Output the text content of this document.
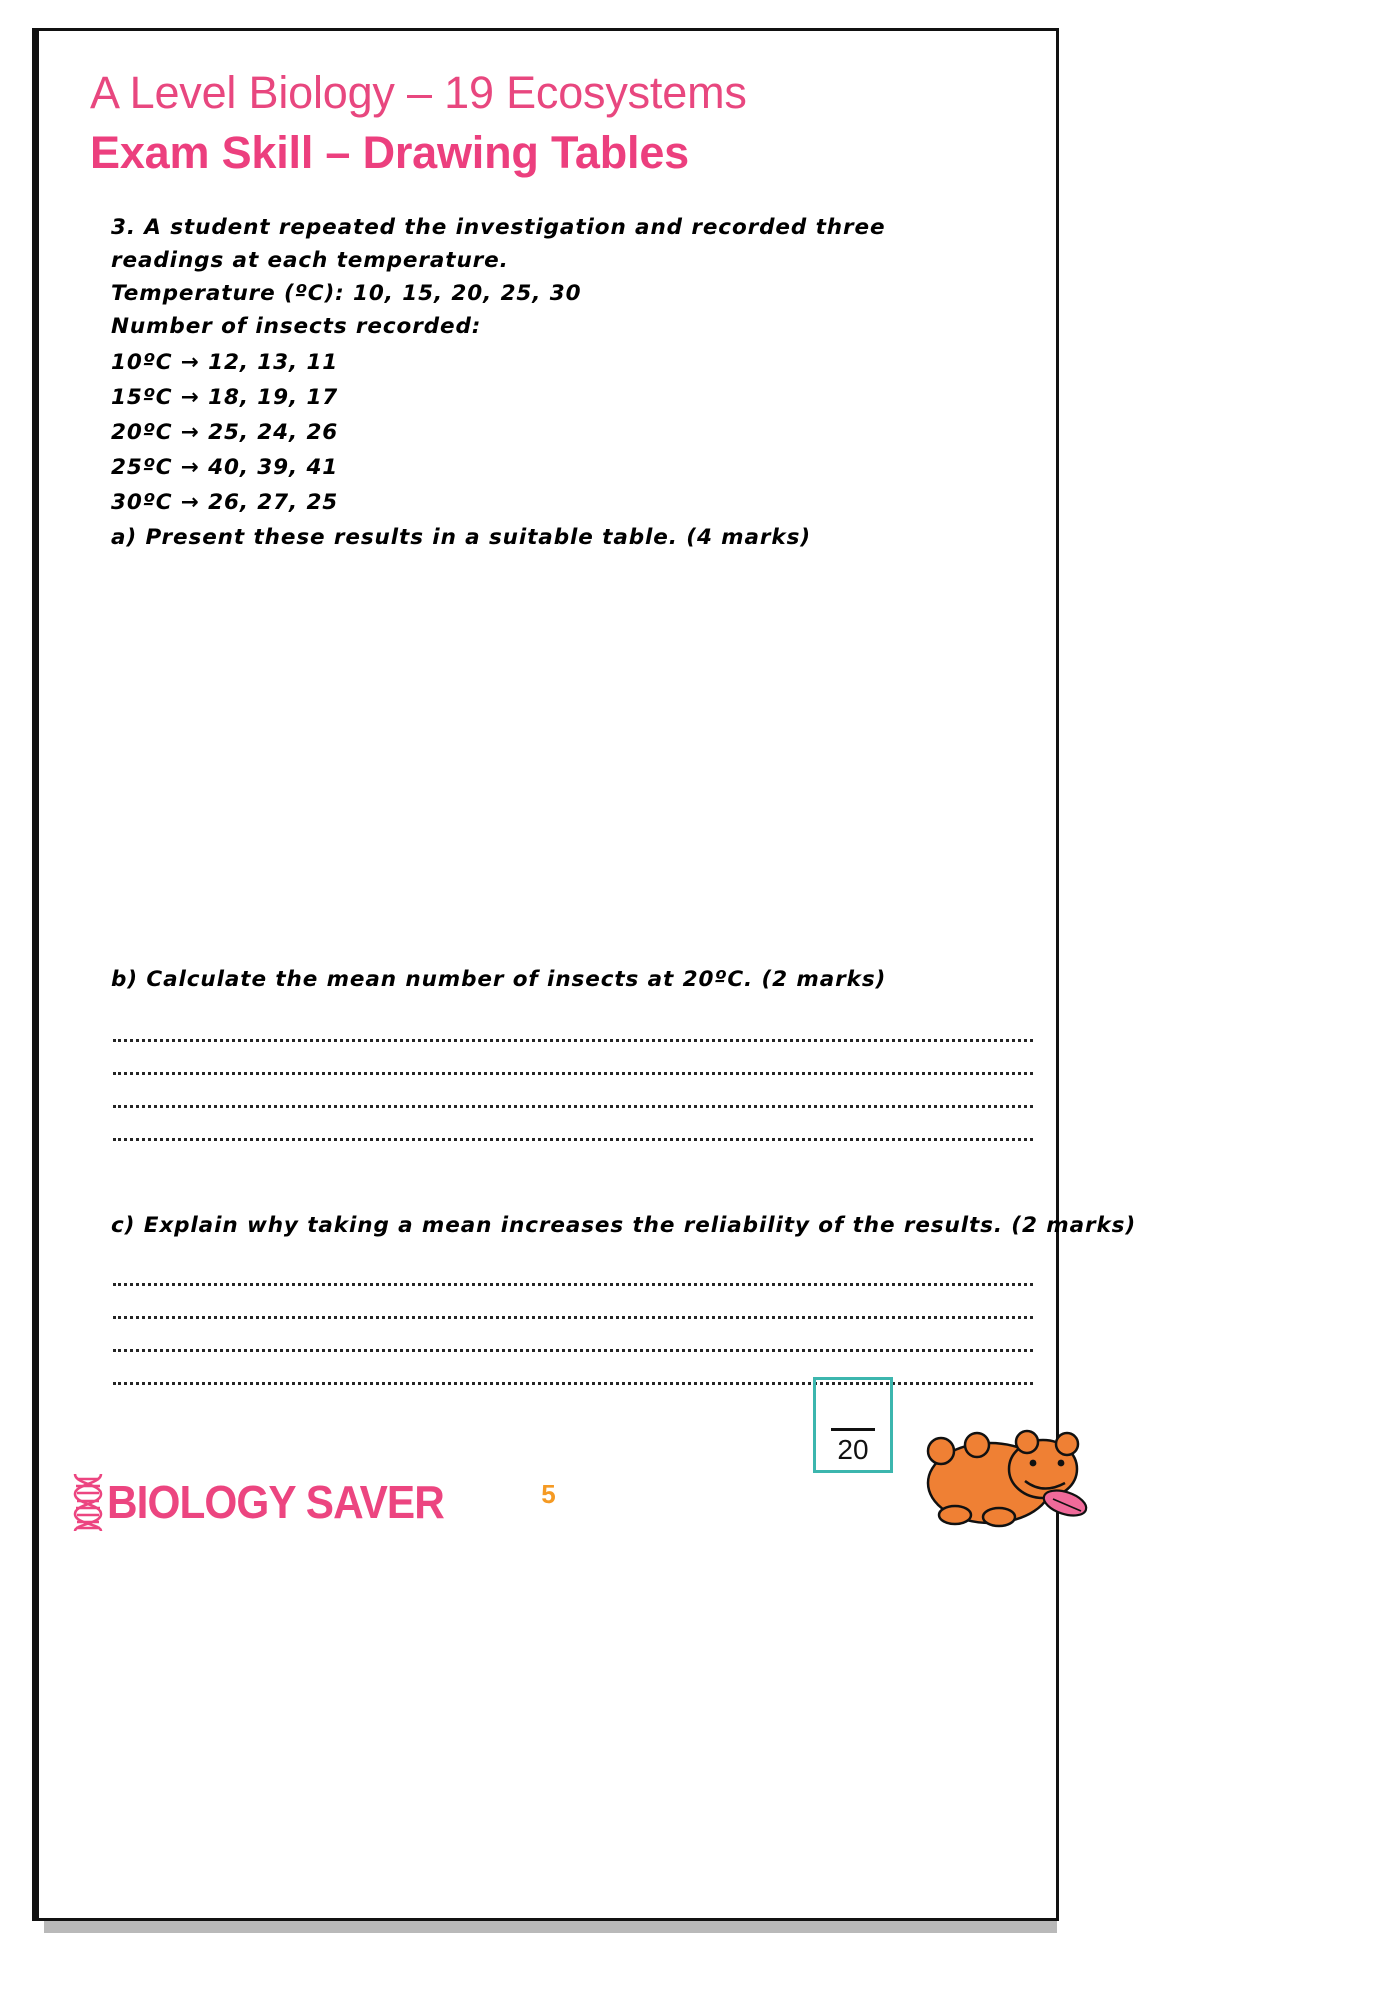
A Level Biology – 19 Ecosystems
Exam Skill – Drawing Tables
3. A student repeated the investigation and recorded three readings at each temperature.
Temperature (ºC): 10, 15, 20, 25, 30
Number of insects recorded:
10ºC → 12, 13, 11
15ºC → 18, 19, 17
20ºC → 25, 24, 26
25ºC → 40, 39, 41
30ºC → 26, 27, 25
a) Present these results in a suitable table. (4 marks)
b) Calculate the mean number of insects at 20ºC. (2 marks)
c) Explain why taking a mean increases the reliability of the results. (2 marks)
20
5
BIOLOGY SAVER
